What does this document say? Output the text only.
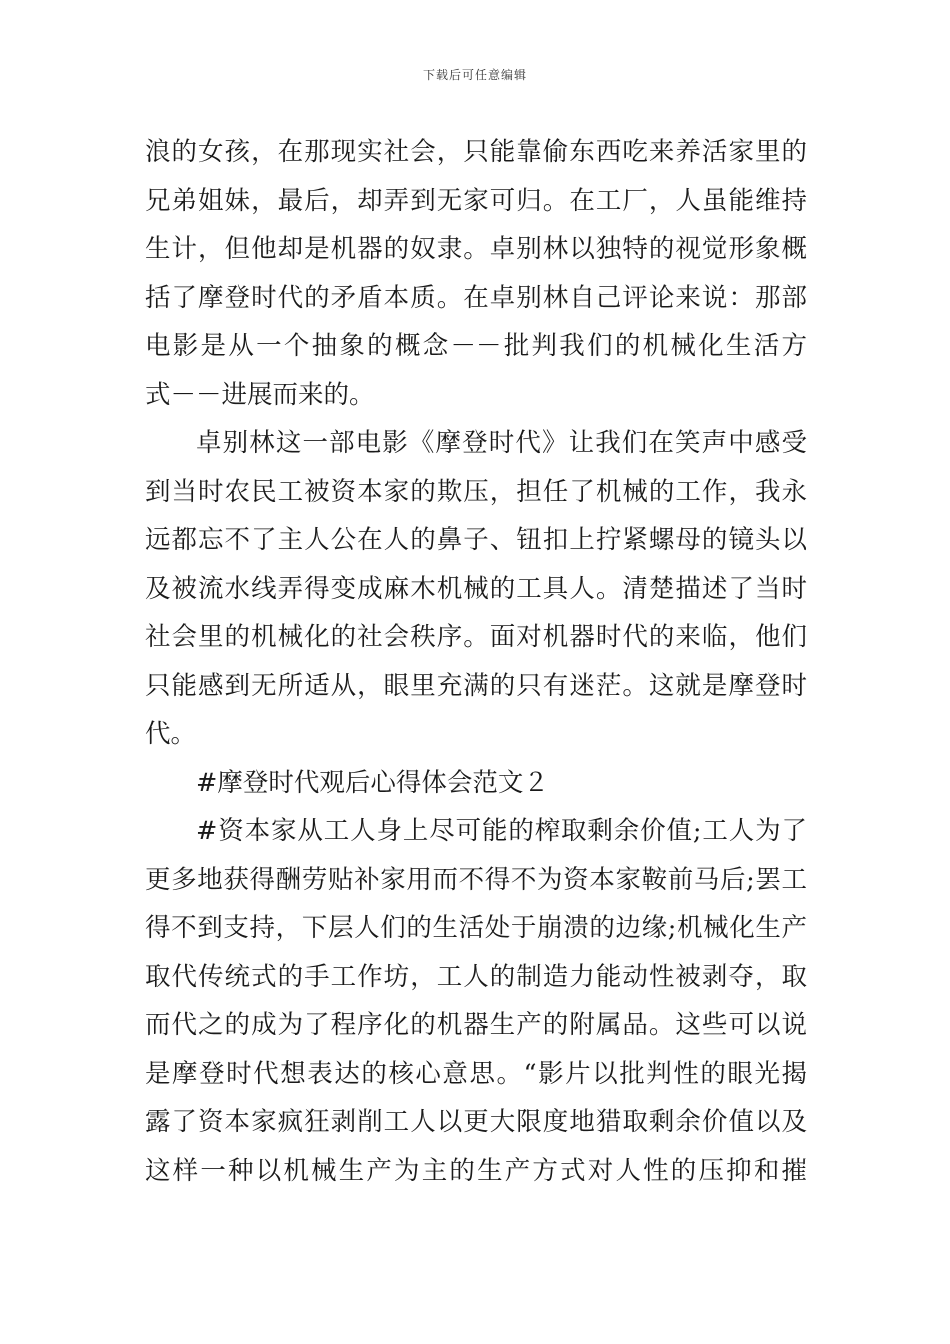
下载后可任意编辑
浪的女孩，在那现实社会，只能靠偷东西吃来养活家里的
兄弟姐妹，最后，却弄到无家可归。在工厂，人虽能维持
生计，但他却是机器的奴隶。卓别林以独特的视觉形象概
括了摩登时代的矛盾本质。在卓别林自己评论来说：那部
电影是从一个抽象的概念－－批判我们的机械化生活方
式－－进展而来的。
卓别林这一部电影《摩登时代》让我们在笑声中感受
到当时农民工被资本家的欺压，担任了机械的工作，我永
远都忘不了主人公在人的鼻子、钮扣上拧紧螺母的镜头以
及被流水线弄得变成麻木机械的工具人。清楚描述了当时
社会里的机械化的社会秩序。面对机器时代的来临，他们
只能感到无所适从，眼里充满的只有迷茫。这就是摩登时
代。
#摩登时代观后心得体会范文２
#资本家从工人身上尽可能的榨取剩余价值;工人为了
更多地获得酬劳贴补家用而不得不为资本家鞍前马后;罢工
得不到支持，下层人们的生活处于崩溃的边缘;机械化生产
取代传统式的手工作坊，工人的制造力能动性被剥夺，取
而代之的成为了程序化的机器生产的附属品。这些可以说
是摩登时代想表达的核心意思。“影片以批判性的眼光揭
露了资本家疯狂剥削工人以更大限度地猎取剩余价值以及
这样一种以机械生产为主的生产方式对人性的压抑和摧
